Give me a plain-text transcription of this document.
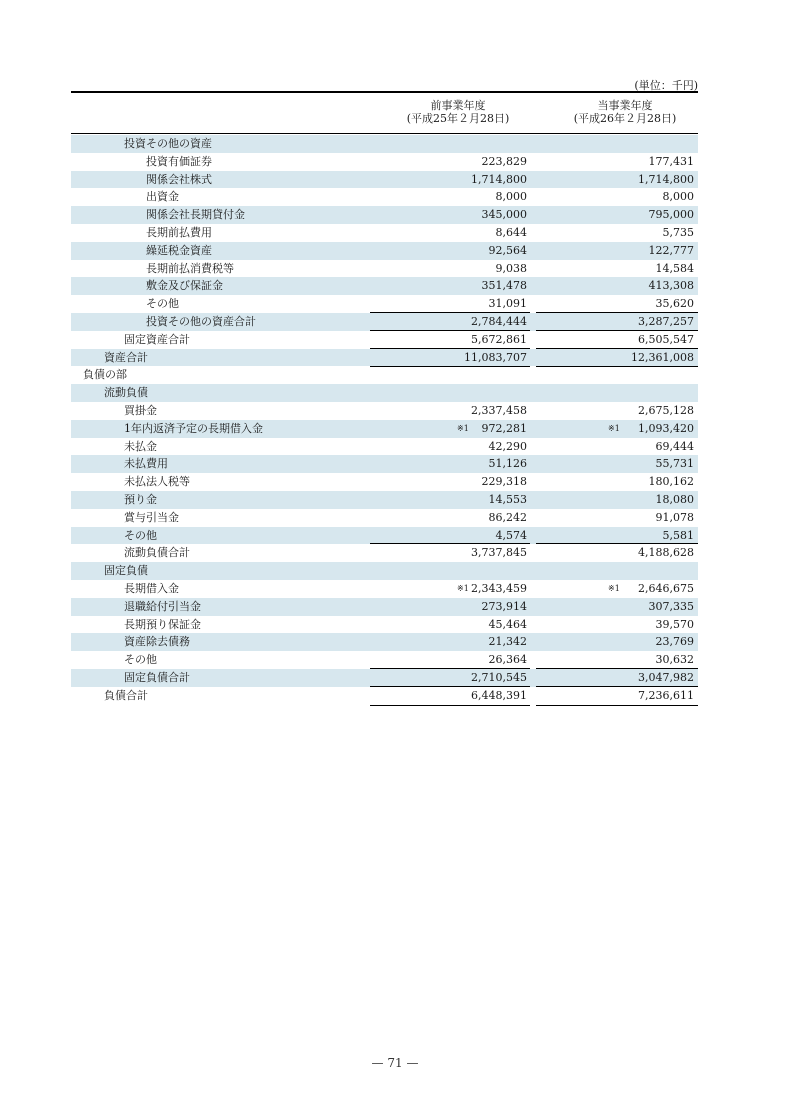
(単位：千円)
前事業年度
(平成25年２月28日)
当事業年度
(平成26年２月28日)
投資その他の資産
投資有価証券	223,829	177,431
関係会社株式	1,714,800	1,714,800
出資金	8,000	8,000
関係会社長期貸付金	345,000	795,000
長期前払費用	8,644	5,735
繰延税金資産	92,564	122,777
長期前払消費税等	9,038	14,584
敷金及び保証金	351,478	413,308
その他	31,091	35,620
投資その他の資産合計	2,784,444	3,287,257
固定資産合計	5,672,861	6,505,547
資産合計	11,083,707	12,361,008
負債の部
流動負債
買掛金	2,337,458	2,675,128
1年内返済予定の長期借入金	※1 972,281	※1 1,093,420
未払金	42,290	69,444
未払費用	51,126	55,731
未払法人税等	229,318	180,162
預り金	14,553	18,080
賞与引当金	86,242	91,078
その他	4,574	5,581
流動負債合計	3,737,845	4,188,628
固定負債
長期借入金	※1 2,343,459	※1 2,646,675
退職給付引当金	273,914	307,335
長期預り保証金	45,464	39,570
資産除去債務	21,342	23,769
その他	26,364	30,632
固定負債合計	2,710,545	3,047,982
負債合計	6,448,391	7,236,611
— 71 —
